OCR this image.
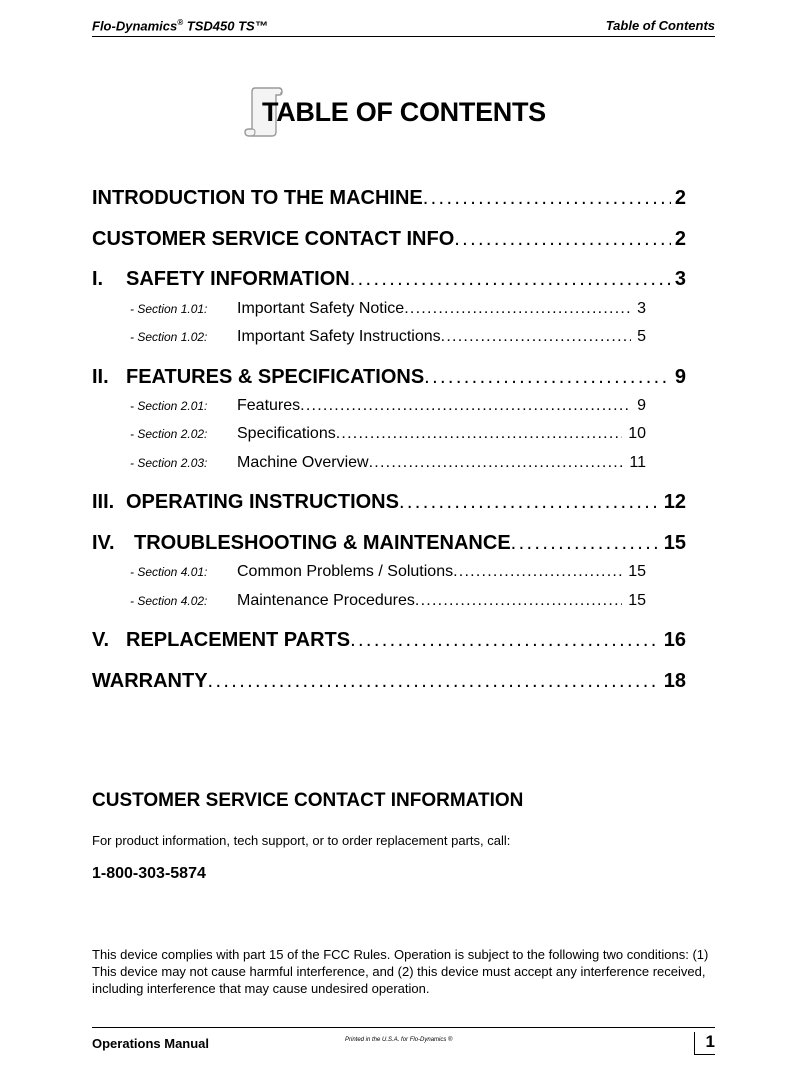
Flo-Dynamics® TSD450 TS™	Table of Contents
TABLE OF CONTENTS
INTRODUCTION TO THE MACHINE . . .	2
CUSTOMER SERVICE CONTACT INFO . . .	2
I.	SAFETY INFORMATION . . .	3
- Section 1.01:	Important Safety Notice . . .	3
- Section 1.02:	Important Safety Instructions . . .	5
II. FEATURES & SPECIFICATIONS . . .	9
- Section 2.01:	Features . . .	9
- Section 2.02:	Specifications . . .	10
- Section 2.03:	Machine Overview . . .	11
III. OPERATING INSTRUCTIONS . . .	12
IV. TROUBLESHOOTING & MAINTENANCE . . .	15
- Section 4.01:	Common Problems / Solutions . . .	15
- Section 4.02:	Maintenance Procedures . . .	15
V. REPLACEMENT PARTS . . .	16
WARRANTY . . .	18
CUSTOMER SERVICE CONTACT INFORMATION
For product information, tech support, or to order replacement parts, call:
1-800-303-5874
This device complies with part 15 of the FCC Rules. Operation is subject to the following two conditions: (1) This device may not cause harmful interference, and (2) this device must accept any interference received, including interference that may cause undesired operation.
Operations Manual	Printed in the U.S.A. for Flo-Dynamics ®	1
